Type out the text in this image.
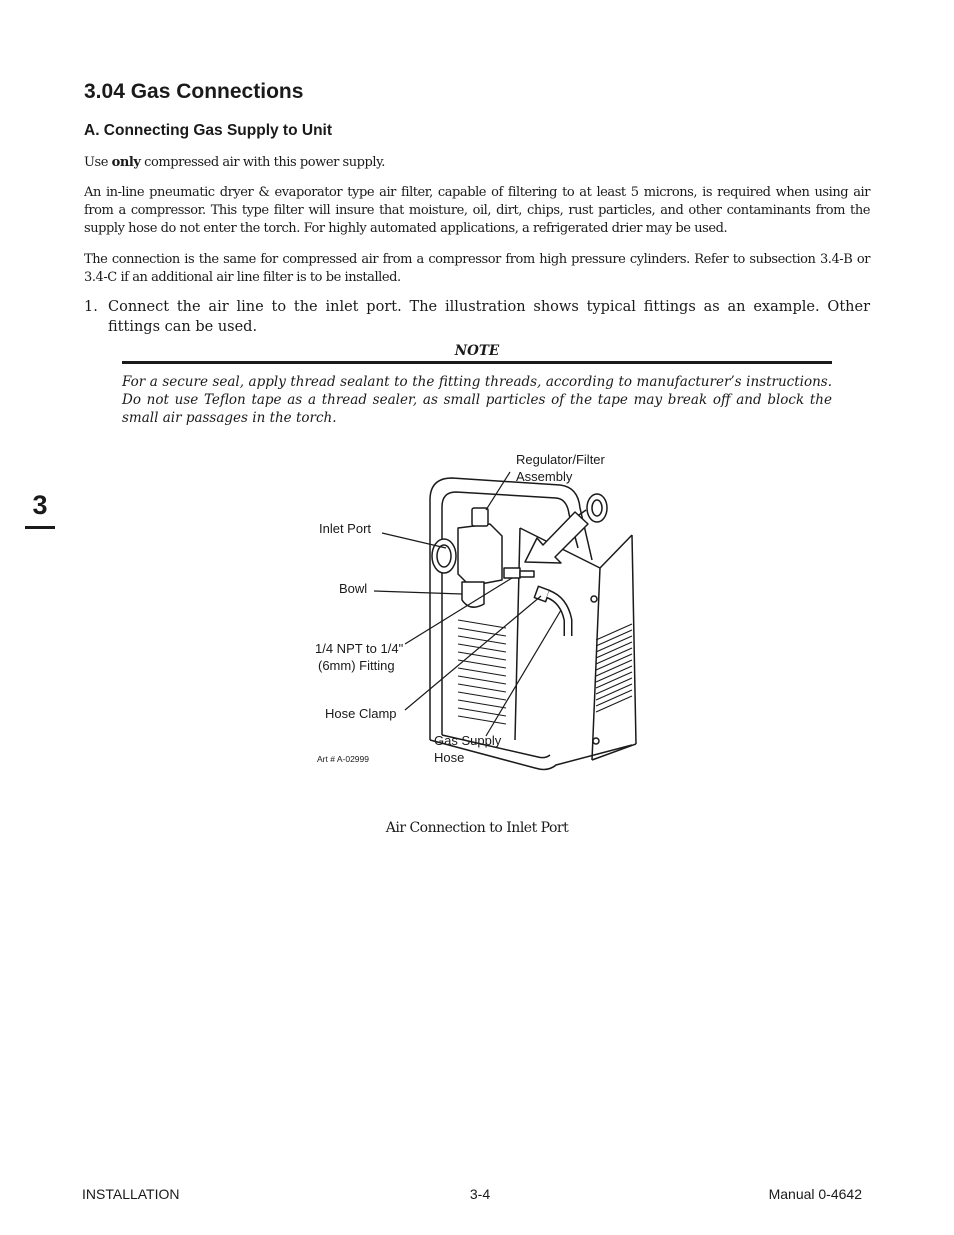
3.04 Gas Connections
A. Connecting Gas Supply to Unit

Use only compressed air with this power supply.

An in-line pneumatic dryer & evaporator type air filter, capable of filtering to at least 5 microns, is required when using air from a compressor. This type filter will insure that moisture, oil, dirt, chips, rust particles, and other contaminants from the supply hose do not enter the torch. For highly automated applications, a refrigerated drier may be used.

The connection is the same for compressed air from a compressor from high pressure cylinders. Refer to subsection 3.4-B or 3.4-C if an additional air line filter is to be installed.

1. Connect the air line to the inlet port. The illustration shows typical fittings as an example. Other fittings can be used.
NOTE

For a secure seal, apply thread sealant to the fitting threads, according to manufacturer’s instructions. Do not use Teflon tape as a thread sealer, as small particles of the tape may break off and block the small air passages in the torch.

3
Regulator/Filter
Assembly
Inlet Port
Bowl
1/4 NPT to 1/4"
(6mm) Fitting
Hose Clamp
Gas Supply
Hose
Art # A-02999
Air Connection to Inlet Port
INSTALLATION	3-4	Manual 0-4642
